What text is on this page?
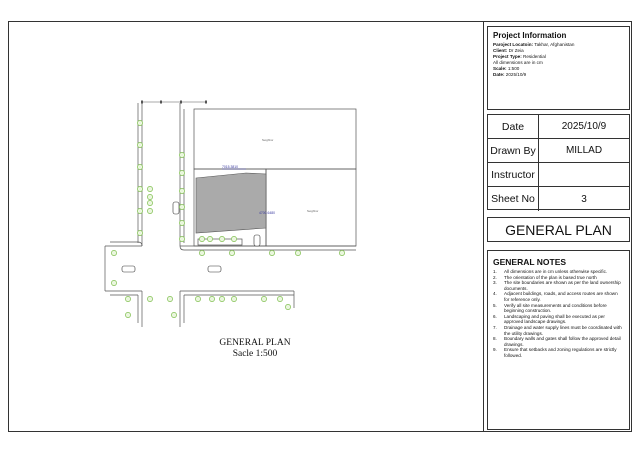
7015.3810
4700.6480
Neighbor
Neighbor
GENERAL PLAN
Sacle 1:500
Project Information
Paroject Locatoin: Takhar, Afghanistan
Client: Dr Zeia
Project Type: Residential
All dimensions are in cm
Scale: 1:500
Date: 2025/10/9
Date	2025/10/9
Drawn By	MILLAD
Instructor
Sheet No	3
GENERAL PLAN
GENERAL NOTES
1.	All dimensions are in cm unless otherwise specific.
2.	The orientation of the plan is based true north
3.	The site boundaries are shown as per the land ownership documents.
4.	Adjacent buildings, roads, and access routes are shown for reference only.
5.	Verify all site measurements and conditions before beginning construction.
6.	Landscaping and paving shall be executed as per approved landscape drawings.
7.	Drainage and water supply lines must be coordinated with the utility drawings.
8.	Boundary walls and gates shall follow the approved detail drawings.
9.	Ensure that setbacks and zoning regulations are strictly followed.
